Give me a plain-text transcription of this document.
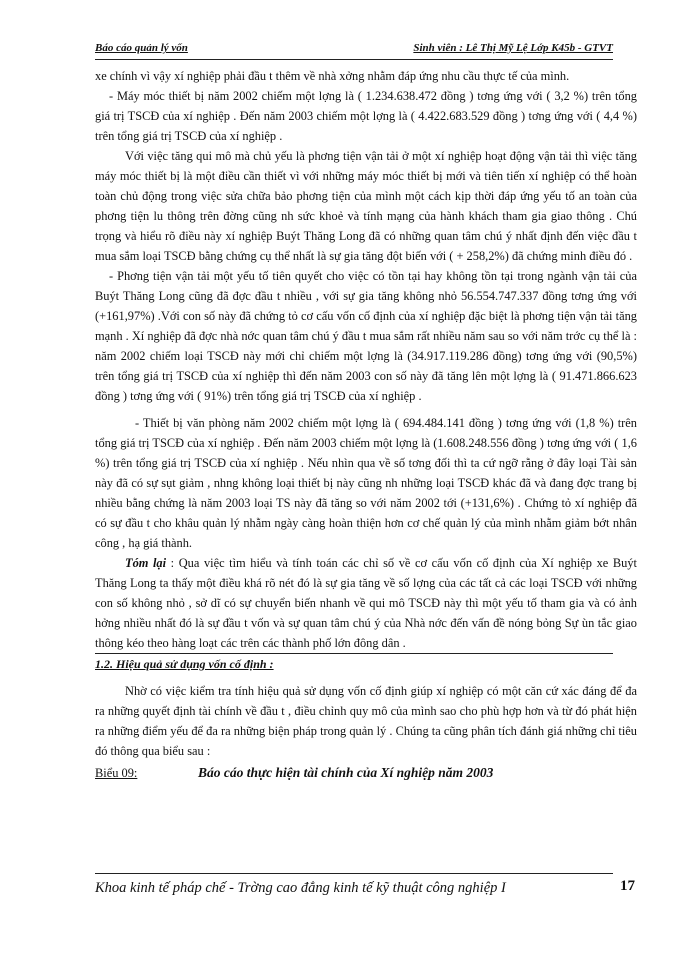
Báo cáo quản lý vốn	Sinh viên : Lê Thị Mỹ Lệ Lớp K45b - GTVT

xe chính vì vậy xí nghiệp phải đầu t thêm về nhà xởng nhằm đáp ứng nhu cầu thực tế của mình.

- Máy móc thiết bị năm 2002 chiếm một lợng là ( 1.234.638.472 đồng ) tơng ứng với ( 3,2 %) trên tổng giá trị TSCĐ của xí nghiệp . Đến năm 2003 chiếm một lợng là ( 4.422.683.529 đồng ) tơng ứng với ( 4,4 %) trên tổng giá trị TSCĐ của xí nghiệp .

Với việc tăng qui mô mà chủ yếu là phơng tiện vận tải ở một xí nghiệp hoạt động vận tải thì việc tăng máy móc thiết bị là một điều cần thiết vì với những máy móc thiết bị mới và tiên tiến xí nghiệp có thể hoàn toàn chủ động trong việc sửa chữa bảo phơng tiện của mình một cách kịp thời đáp ứng yếu tố an toàn của phơng tiện lu thông trên đờng cũng nh sức khoẻ và tính mạng của hành khách tham gia giao thông . Chú trọng và hiểu rõ điều này xí nghiệp Buýt Thăng Long đã có những quan tâm chú ý nhất định đến việc đầu t mua sắm loại TSCĐ bằng chứng cụ thể nhất là sự gia tăng đột biến với ( + 258,2%) đã chứng minh điều đó .

- Phơng tiện vận tải một yếu tố tiên quyết cho việc có tồn tại hay không tồn tại trong ngành vận tải của Buýt Thăng Long cũng đã đợc đầu t nhiều , với sự gia tăng không nhỏ 56.554.747.337 đồng tơng ứng với (+161,97%) .Với con số này đã chứng tỏ cơ cấu vốn cố định của xí nghiệp đặc biệt là phơng tiện vận tải tăng mạnh . Xí nghiệp đã đợc nhà nớc quan tâm chú ý đầu t mua sắm rất nhiều năm sau so với năm trớc cụ thể là : năm 2002 chiếm loại TSCĐ này mới chỉ chiếm một lợng là (34.917.119.286 đồng) tơng ứng với (90,5%) trên tổng giá trị TSCĐ của xí nghiệp thì đến năm 2003 con số này đã tăng lên một lợng là ( 91.471.866.623 đồng ) tơng ứng với ( 91%) trên tổng giá trị TSCĐ của xí nghiệp .

- Thiết bị văn phòng năm 2002 chiếm một lợng là ( 694.484.141 đồng ) tơng ứng với (1,8 %) trên tổng giá trị TSCĐ của xí nghiệp . Đến năm 2003 chiếm một lợng là (1.608.248.556 đồng ) tơng ứng với ( 1,6 %) trên tổng giá trị TSCĐ của xí nghiệp . Nếu nhìn qua về số tơng đối thì ta cứ ngỡ rằng ở đây loại Tài sản này đã có sự sụt giảm , nhng không loại thiết bị này cũng nh những loại TSCĐ khác đã và đang đợc trang bị nhiều bằng chứng là năm 2003 loại TS này đã tăng so với năm 2002 tới (+131,6%) . Chứng tỏ xí nghiệp đã có sự đầu t cho khâu quản lý nhằm ngày càng hoàn thiện hơn cơ chế quản lý của mình nhằm giảm bớt nhân công , hạ giá thành.

Tóm lại : Qua việc tìm hiểu và tính toán các chỉ số về cơ cấu vốn cố định của Xí nghiệp xe Buýt Thăng Long ta thấy một điều khá rõ nét đó là sự gia tăng về số lợng của các tất cả các loại TSCĐ với những con số không nhỏ , sở dĩ có sự chuyển biến nhanh về qui mô TSCĐ này thì một yếu tố tham gia và có ảnh hởng nhiều nhất đó là sự đầu t vốn và sự quan tâm chú ý của Nhà nớc đến vấn đề nóng bỏng Sự ùn tắc giao thông kéo theo hàng loạt các trên các thành phố lớn đông dân .

1.2. Hiệu quả sử dụng vốn cố định :

Nhờ có việc kiểm tra tính hiệu quả sử dụng vốn cố định giúp xí nghiệp có một căn cứ xác đáng để đa ra những quyết định tài chính về đầu t , điều chỉnh quy mô của mình sao cho phù hợp hơn và từ đó phát hiện ra những điểm yếu để đa ra những biện pháp trong quản lý . Chúng ta cũng phân tích đánh giá những chỉ tiêu đó thông qua biểu sau :

Biểu 09:	Báo cáo thực hiện tài chính của Xí nghiệp năm 2003
Khoa kinh tế pháp chế - Trờng cao đẳng kinh tế kỹ thuật công nghiệp I	17
